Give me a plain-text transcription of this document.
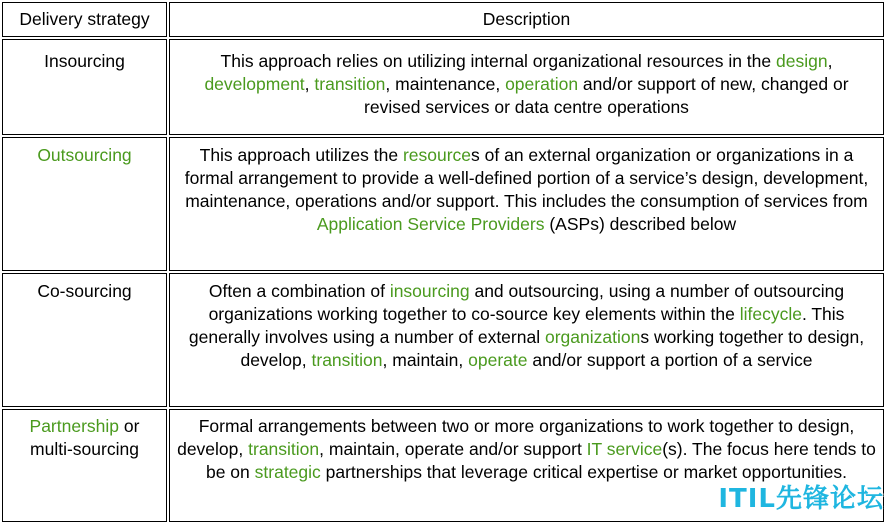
Delivery strategy	Description
Insourcing	This approach relies on utilizing internal organizational resources in the design, development, transition, maintenance, operation and/or support of new, changed or revised services or data centre operations
Outsourcing	This approach utilizes the resources of an external organization or organizations in a formal arrangement to provide a well-defined portion of a service’s design, development, maintenance, operations and/or support. This includes the consumption of services from Application Service Providers (ASPs) described below
Co-sourcing	Often a combination of insourcing and outsourcing, using a number of outsourcing organizations working together to co-source key elements within the lifecycle. This generally involves using a number of external organizations working together to design, develop, transition, maintain, operate and/or support a portion of a service
Partnership or multi-sourcing	Formal arrangements between two or more organizations to work together to design, develop, transition, maintain, operate and/or support IT service(s). The focus here tends to be on strategic partnerships that leverage critical expertise or market opportunities.
ITIL先锋论坛
